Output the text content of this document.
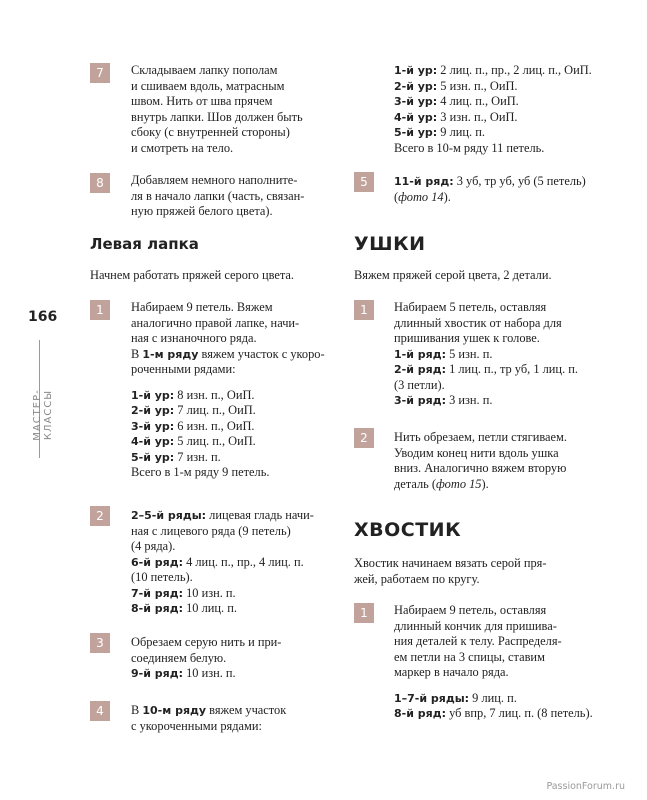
166
МАСТЕР-КЛАССЫ
7	Складываем лапку пополам
и сшиваем вдоль, матрасным
швом. Нить от шва прячем
внутрь лапки. Шов должен быть
сбоку (с внутренней стороны)
и смотреть на тело.
8	Добавляем немного наполните-
ля в начало лапки (часть, связан-
ную пряжей белого цвета).
Левая лапка
Начнем работать пряжей серого цвета.
1	Набираем 9 петель. Вяжем
аналогично правой лапке, начи-
ная с изнаночного ряда.
В 1-м ряду вяжем участок с укоро-
роченными рядами:
1-й ур: 8 изн. п., ОиП.
2-й ур: 7 лиц. п., ОиП.
3-й ур: 6 изн. п., ОиП.
4-й ур: 5 лиц. п., ОиП.
5-й ур: 7 изн. п.
Всего в 1-м ряду 9 петель.
2	2–5-й ряды: лицевая гладь начи-
ная с лицевого ряда (9 петель)
(4 ряда).
6-й ряд: 4 лиц. п., пр., 4 лиц. п.
(10 петель).
7-й ряд: 10 изн. п.
8-й ряд: 10 лиц. п.
3	Обрезаем серую нить и при-
соединяем белую.
9-й ряд: 10 изн. п.
4	В 10-м ряду вяжем участок
с укороченными рядами:
1-й ур: 2 лиц. п., пр., 2 лиц. п., ОиП.
2-й ур: 5 изн. п., ОиП.
3-й ур: 4 лиц. п., ОиП.
4-й ур: 3 изн. п., ОиП.
5-й ур: 9 лиц. п.
Всего в 10-м ряду 11 петель.
5	11-й ряд: 3 уб, тр уб, уб (5 петель)
(фото 14).
УШКИ
Вяжем пряжей серой цвета, 2 детали.
1	Набираем 5 петель, оставляя
длинный хвостик от набора для
пришивания ушек к голове.
1-й ряд: 5 изн. п.
2-й ряд: 1 лиц. п., тр уб, 1 лиц. п.
(3 петли).
3-й ряд: 3 изн. п.
2	Нить обрезаем, петли стягиваем.
Уводим конец нити вдоль ушка
вниз. Аналогично вяжем вторую
деталь (фото 15).
ХВОСТИК
Хвостик начинаем вязать серой пря-
жей, работаем по кругу.
1	Набираем 9 петель, оставляя
длинный кончик для пришива-
ния деталей к телу. Распределя-
ем петли на 3 спицы, ставим
маркер в начало ряда.
1–7-й ряды: 9 лиц. п.
8-й ряд: уб впр, 7 лиц. п. (8 петель).
PassionForum.ru
